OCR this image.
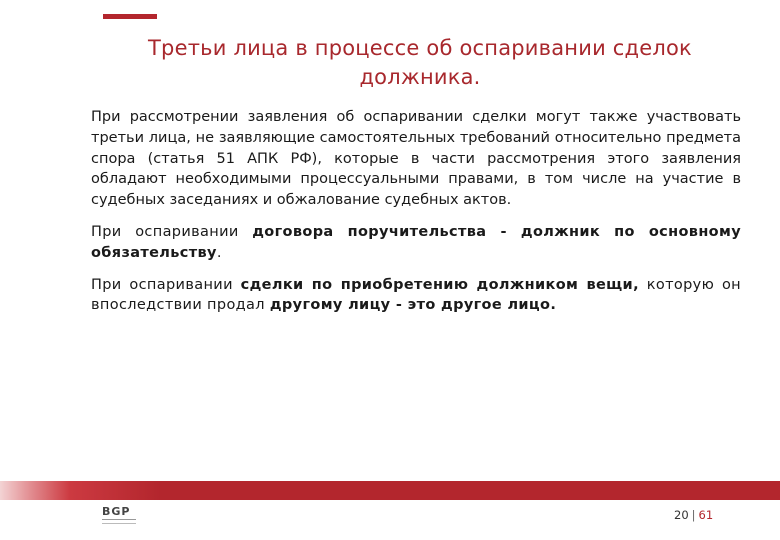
Третьи лица в процессе об оспаривании сделок должника.

При рассмотрении заявления об оспаривании сделки могут также участвовать третьи лица, не заявляющие самостоятельных требований относительно предмета спора (статья 51 АПК РФ), которые в части рассмотрения этого заявления обладают необходимыми процессуальными правами, в том числе на участие в судебных заседаниях и обжалование судебных актов.

При оспаривании договора поручительства - должник по основному обязательству.

При оспаривании сделки по приобретению должником вещи, которую он впоследствии продал другому лицу - это другое лицо.

BGP	20 | 61
